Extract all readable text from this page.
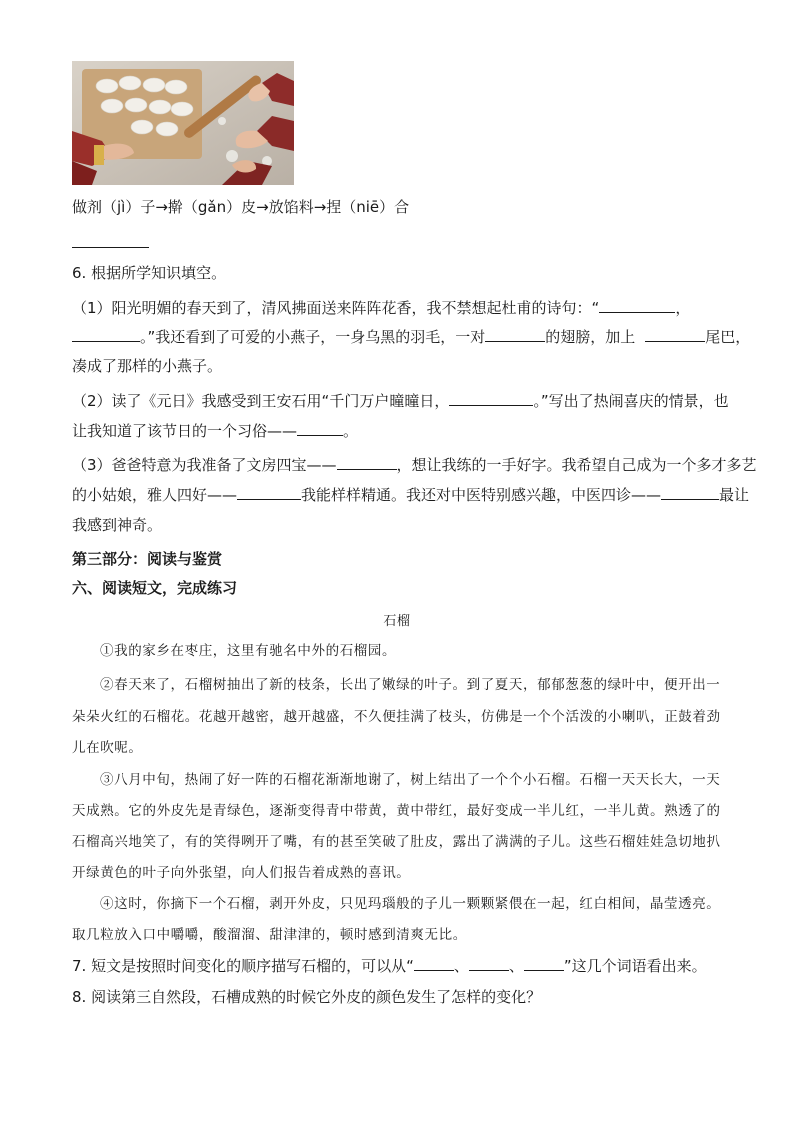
做剂（jì）子→擀（gǎn）皮→放馅料→捏（niē）合
6. 根据所学知识填空。
（1）阳光明媚的春天到了，清风拂面送来阵阵花香，我不禁想起杜甫的诗句：“	，
。”我还看到了可爱的小燕子，一身乌黑的羽毛，一对	的翅膀，加上	尾巴，
凑成了那样的小燕子。
（2）读了《元日》我感受到王安石用“千门万户曈曈日，	。”写出了热闹喜庆的情景，也
让我知道了该节日的一个习俗——	。
（3）爸爸特意为我准备了文房四宝——	，想让我练的一手好字。我希望自己成为一个多才多艺
的小姑娘，雅人四好——	我能样样精通。我还对中医特别感兴趣，中医四诊——	最让
我感到神奇。
第三部分：阅读与鉴赏
六、阅读短文，完成练习
石榴
①我的家乡在枣庄，这里有驰名中外的石榴园。
②春天来了，石榴树抽出了新的枝条，长出了嫩绿的叶子。到了夏天，郁郁葱葱的绿叶中，便开出一
朵朵火红的石榴花。花越开越密，越开越盛，不久便挂满了枝头，仿佛是一个个活泼的小喇叭，正鼓着劲
儿在吹呢。
③八月中旬，热闹了好一阵的石榴花渐渐地谢了，树上结出了一个个小石榴。石榴一天天长大，一天
天成熟。它的外皮先是青绿色，逐渐变得青中带黄，黄中带红，最好变成一半儿红，一半儿黄。熟透了的
石榴高兴地笑了，有的笑得咧开了嘴，有的甚至笑破了肚皮，露出了满满的子儿。这些石榴娃娃急切地扒
开绿黄色的叶子向外张望，向人们报告着成熟的喜讯。
④这时，你摘下一个石榴，剥开外皮，只见玛瑙般的子儿一颗颗紧偎在一起，红白相间，晶莹透亮。
取几粒放入口中嚼嚼，酸溜溜、甜津津的，顿时感到清爽无比。
7. 短文是按照时间变化的顺序描写石榴的，可以从“	、	、	”这几个词语看出来。
8. 阅读第三自然段，石槽成熟的时候它外皮的颜色发生了怎样的变化？
